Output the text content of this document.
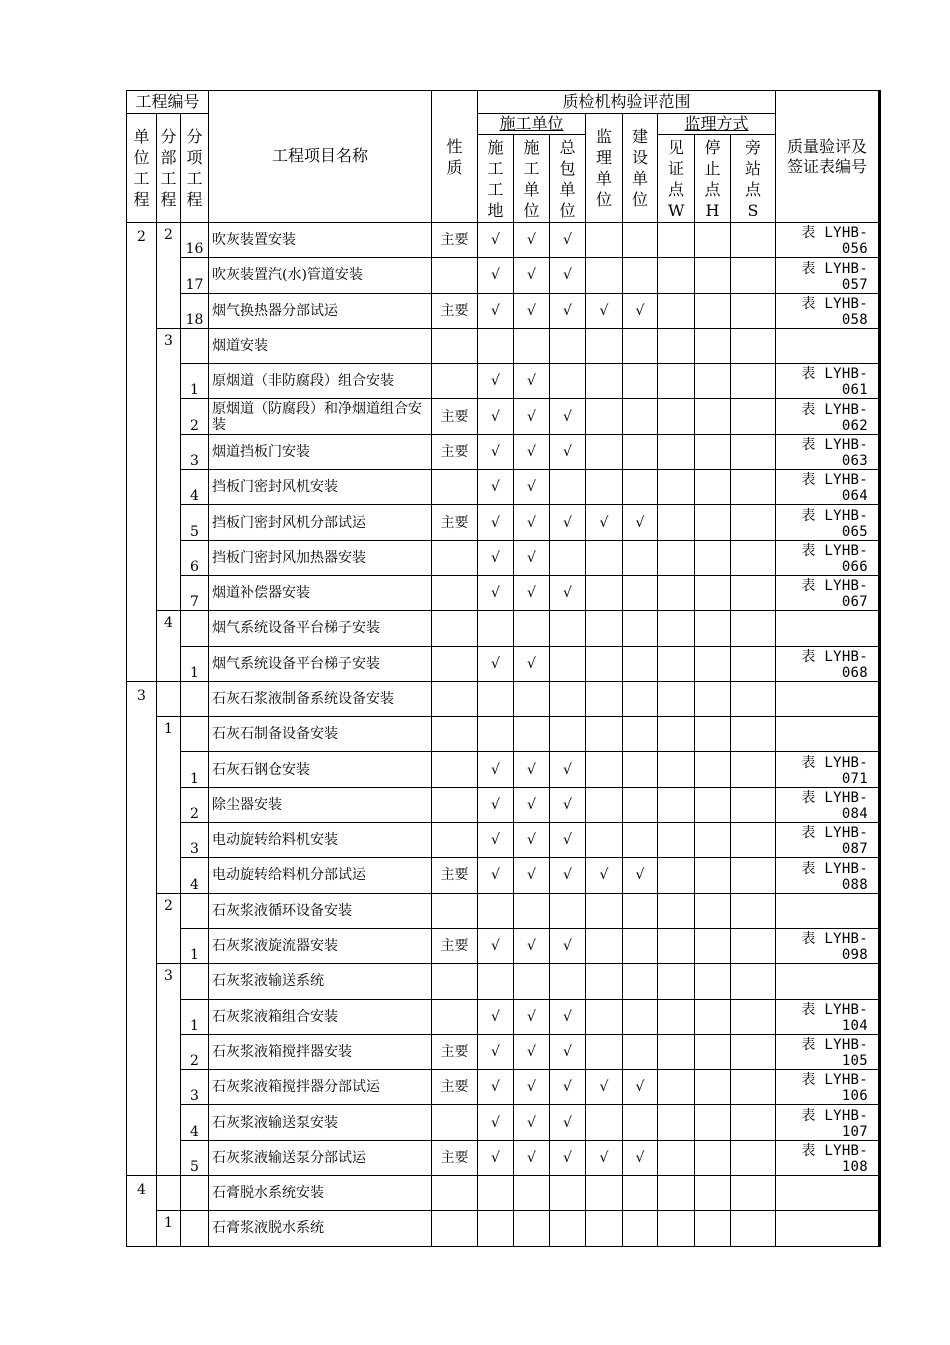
工程编号			工程项目名称	性质	质检机构验评范围								质量验评及签证表编号
单位工程	分部工程	分项工程			施工单位			监理单位	建设单位	监理方式			
					施工工地	施工单位	总包单位			见证点W	停止点H	旁站点S	
2	2	16	吹灰装置安装	主要	√	√	√						表 LYHB-056
		17	吹灰装置汽(水)管道安装		√	√	√						表 LYHB-057
		18	烟气换热器分部试运	主要	√	√	√	√	√				表 LYHB-058
	3		烟道安装										
		1	原烟道（非防腐段）组合安装		√	√							表 LYHB-061
		2	原烟道（防腐段）和净烟道组合安装	主要	√	√	√						表 LYHB-062
		3	烟道挡板门安装	主要	√	√	√						表 LYHB-063
		4	挡板门密封风机安装		√	√							表 LYHB-064
		5	挡板门密封风机分部试运	主要	√	√	√	√	√				表 LYHB-065
		6	挡板门密封风加热器安装		√	√							表 LYHB-066
		7	烟道补偿器安装		√	√	√						表 LYHB-067
	4		烟气系统设备平台梯子安装										
		1	烟气系统设备平台梯子安装		√	√							表 LYHB-068
3			石灰石浆液制备系统设备安装										
	1		石灰石制备设备安装										
		1	石灰石钢仓安装		√	√	√						表 LYHB-071
		2	除尘器安装		√	√	√						表 LYHB-084
		3	电动旋转给料机安装		√	√	√						表 LYHB-087
		4	电动旋转给料机分部试运	主要	√	√	√	√	√				表 LYHB-088
	2		石灰浆液循环设备安装										
		1	石灰浆液旋流器安装	主要	√	√	√						表 LYHB-098
	3		石灰浆液输送系统										
		1	石灰浆液箱组合安装		√	√	√						表 LYHB-104
		2	石灰浆液箱搅拌器安装	主要	√	√	√						表 LYHB-105
		3	石灰浆液箱搅拌器分部试运	主要	√	√	√	√	√				表 LYHB-106
		4	石灰浆液输送泵安装		√	√	√						表 LYHB-107
		5	石灰浆液输送泵分部试运	主要	√	√	√	√	√				表 LYHB-108
4			石膏脱水系统安装										
	1		石膏浆液脱水系统										
